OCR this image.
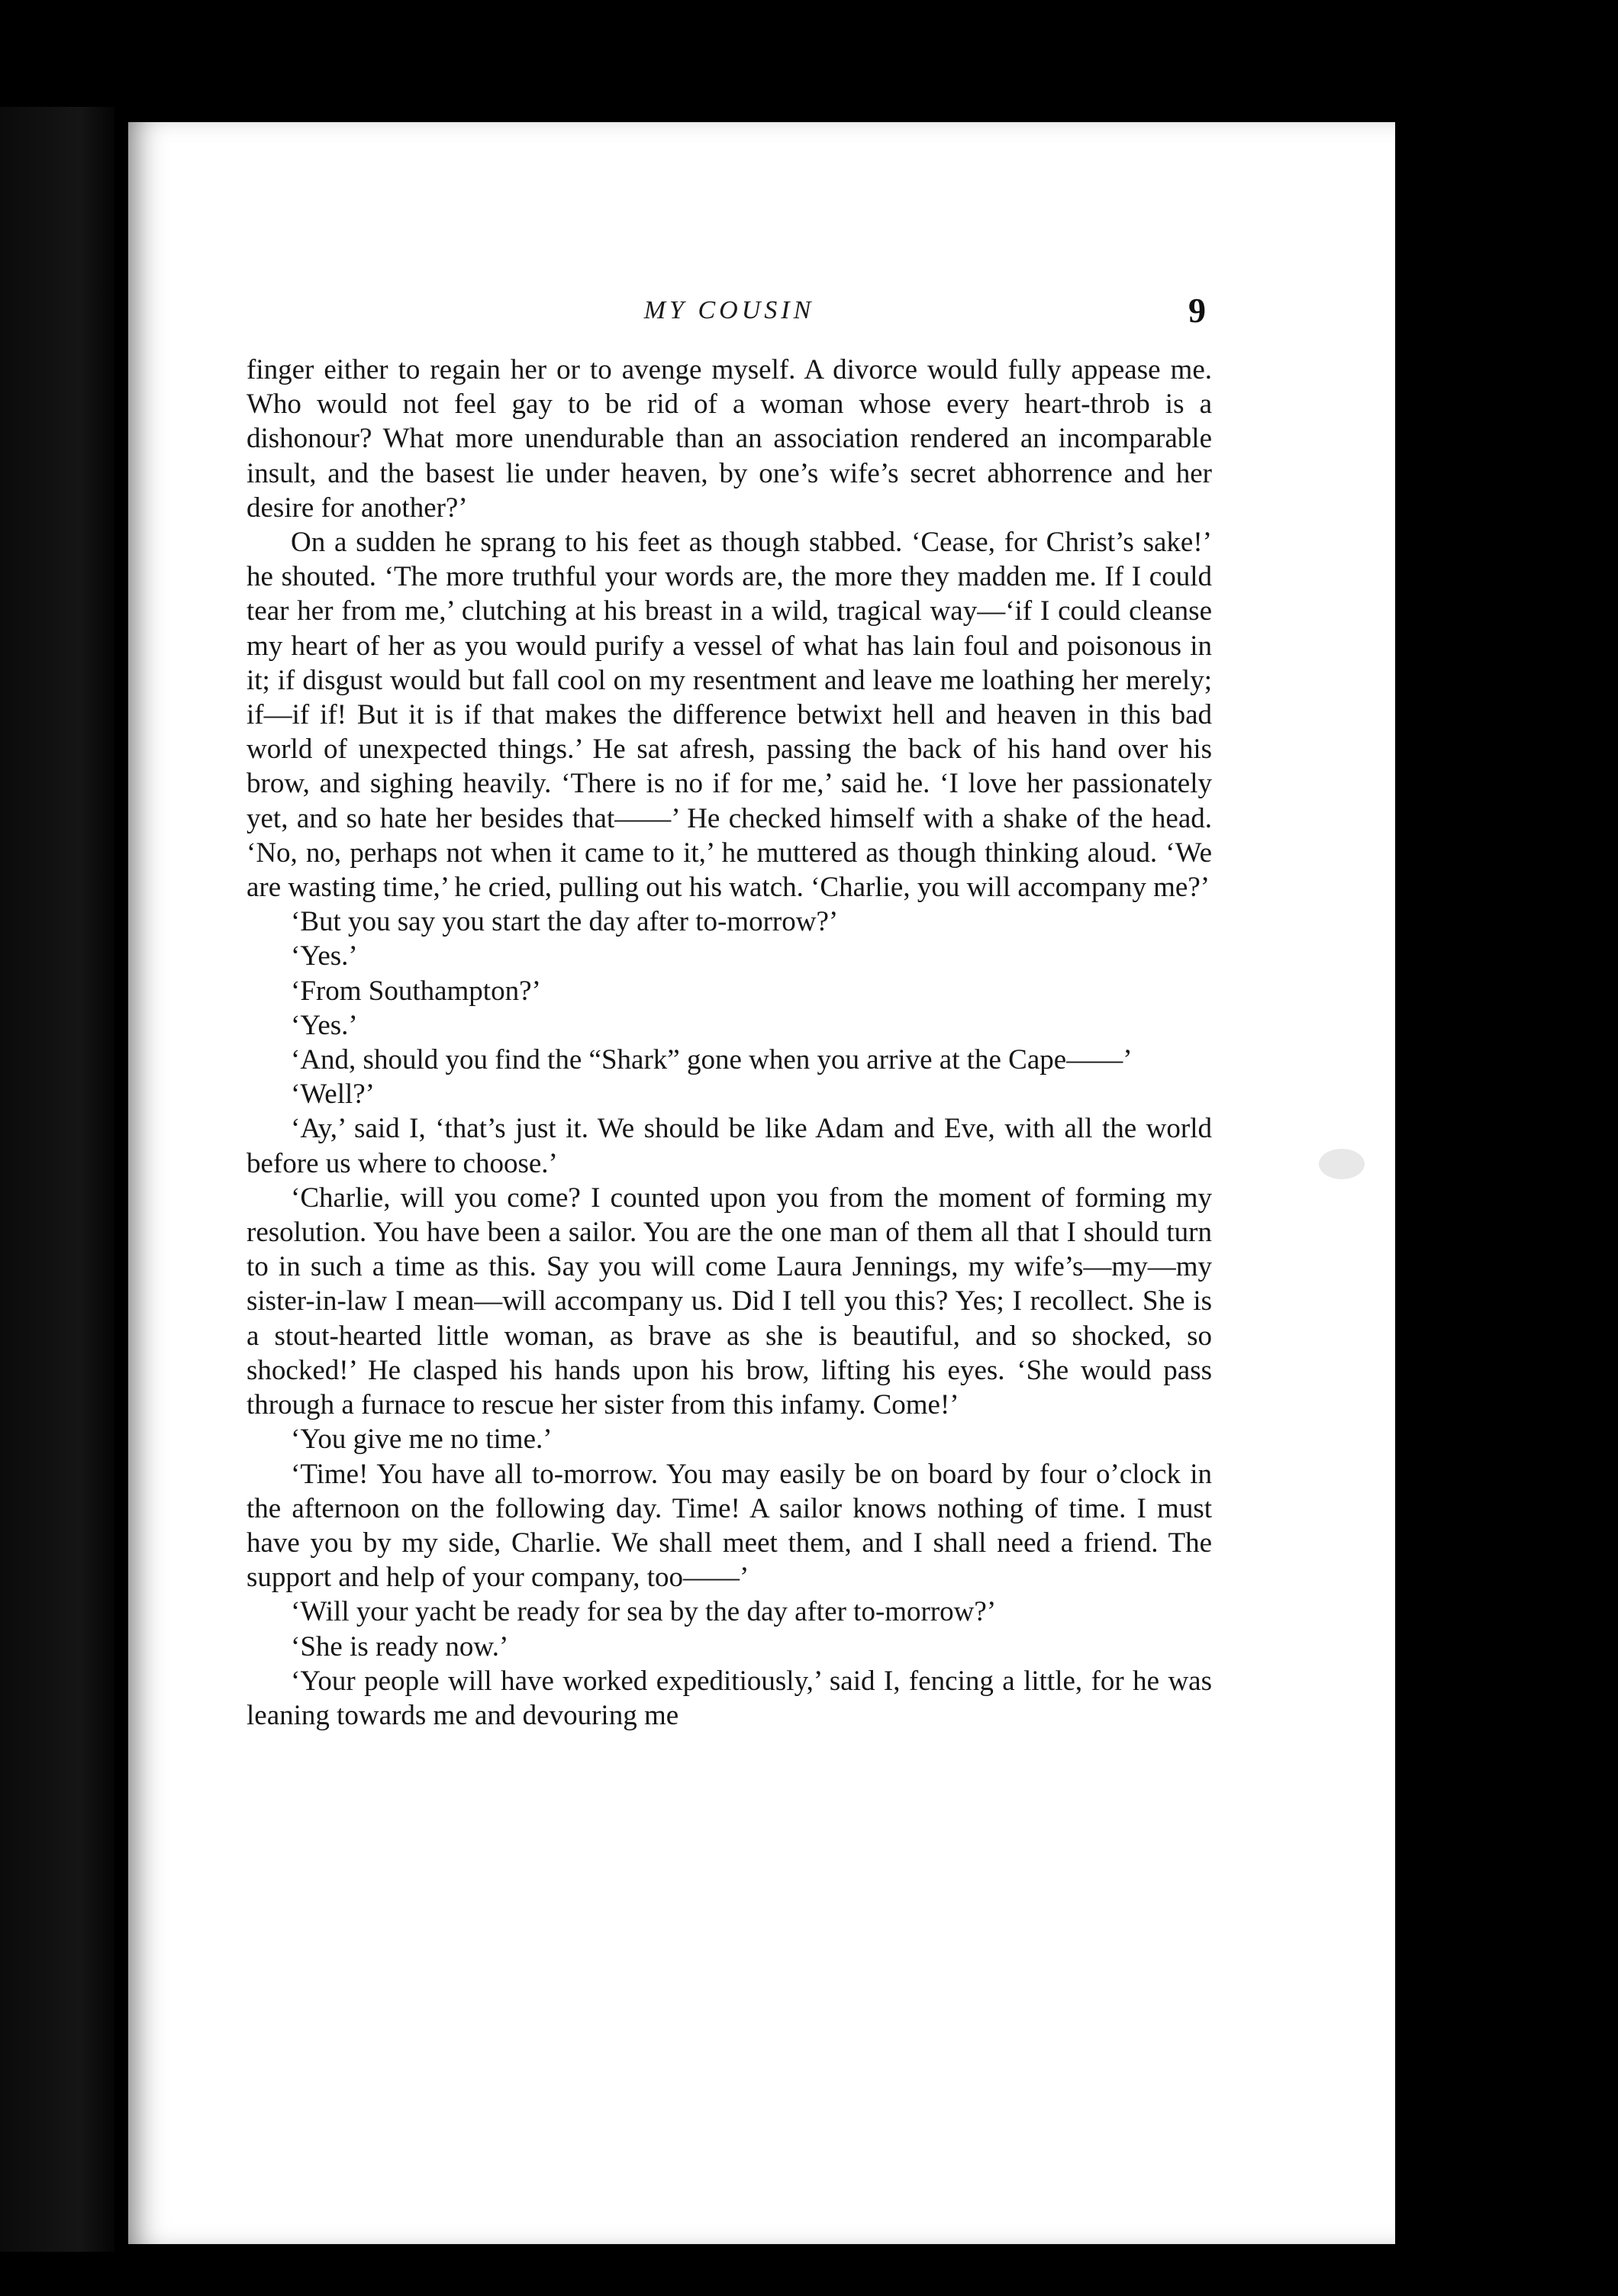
MY COUSIN	9

finger either to regain her or to avenge myself. A divorce would fully appease me. Who would not feel gay to be rid of a woman whose every heart-throb is a dishonour? What more unendurable than an association rendered an incomparable insult, and the basest lie under heaven, by one’s wife’s secret abhorrence and her desire for another?’

On a sudden he sprang to his feet as though stabbed. ‘Cease, for Christ’s sake!’ he shouted. ‘The more truthful your words are, the more they madden me. If I could tear her from me,’ clutching at his breast in a wild, tragical way—‘if I could cleanse my heart of her as you would purify a vessel of what has lain foul and poisonous in it; if disgust would but fall cool on my resentment and leave me loathing her merely; if—if if! But it is if that makes the difference betwixt hell and heaven in this bad world of unexpected things.’ He sat afresh, passing the back of his hand over his brow, and sighing heavily. ‘There is no if for me,’ said he. ‘I love her passionately yet, and so hate her besides that——’ He checked himself with a shake of the head. ‘No, no, perhaps not when it came to it,’ he muttered as though thinking aloud. ‘We are wasting time,’ he cried, pulling out his watch. ‘Charlie, you will accompany me?’

‘But you say you start the day after to-morrow?’

‘Yes.’

‘From Southampton?’

‘Yes.’

‘And, should you find the “Shark” gone when you arrive at the Cape——’

‘Well?’

‘Ay,’ said I, ‘that’s just it. We should be like Adam and Eve, with all the world before us where to choose.’

‘Charlie, will you come? I counted upon you from the moment of forming my resolution. You have been a sailor. You are the one man of them all that I should turn to in such a time as this. Say you will come Laura Jennings, my wife’s—my—my sister-in-law I mean—will accompany us. Did I tell you this? Yes; I recollect. She is a stout-hearted little woman, as brave as she is beautiful, and so shocked, so shocked!’ He clasped his hands upon his brow, lifting his eyes. ‘She would pass through a furnace to rescue her sister from this infamy. Come!’

‘You give me no time.’

‘Time! You have all to-morrow. You may easily be on board by four o’clock in the afternoon on the following day. Time! A sailor knows nothing of time. I must have you by my side, Charlie. We shall meet them, and I shall need a friend. The support and help of your company, too——’

‘Will your yacht be ready for sea by the day after to-morrow?’

‘She is ready now.’

‘Your people will have worked expeditiously,’ said I, fencing a little, for he was leaning towards me and devouring me
